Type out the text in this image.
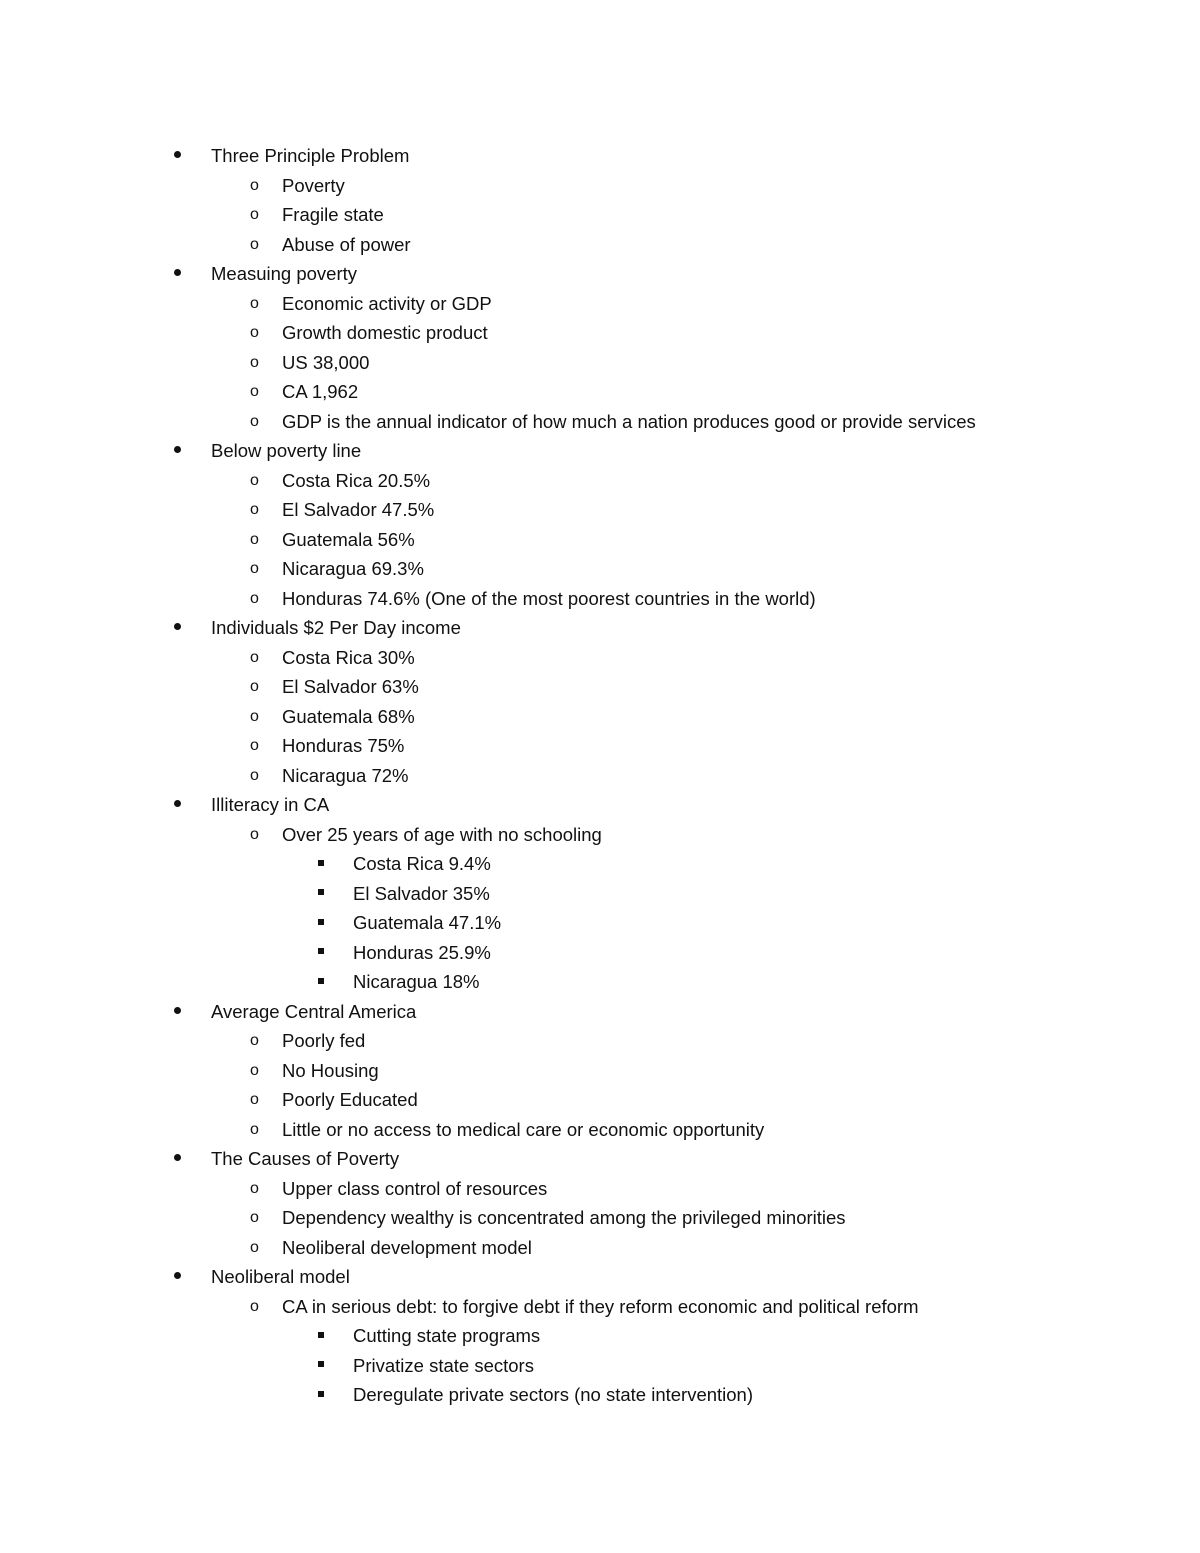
Three Principle Problem
o Poverty
o Fragile state
o Abuse of power
Measuing poverty
o Economic activity or GDP
o Growth domestic product
o US 38,000
o CA 1,962
o GDP is the annual indicator of how much a nation produces good or provide services
Below poverty line
o Costa Rica 20.5%
o El Salvador 47.5%
o Guatemala 56%
o Nicaragua 69.3%
o Honduras 74.6% (One of the most poorest countries in the world)
Individuals $2 Per Day income
o Costa Rica 30%
o El Salvador 63%
o Guatemala 68%
o Honduras 75%
o Nicaragua 72%
Illiteracy in CA
o Over 25 years of age with no schooling
Costa Rica 9.4%
El Salvador 35%
Guatemala 47.1%
Honduras 25.9%
Nicaragua 18%
Average Central America
o Poorly fed
o No Housing
o Poorly Educated
o Little or no access to medical care or economic opportunity
The Causes of Poverty
o Upper class control of resources
o Dependency wealthy is concentrated among the privileged minorities
o Neoliberal development model
Neoliberal model
o CA in serious debt: to forgive debt if they reform economic and political reform
Cutting state programs
Privatize state sectors
Deregulate private sectors (no state intervention)
